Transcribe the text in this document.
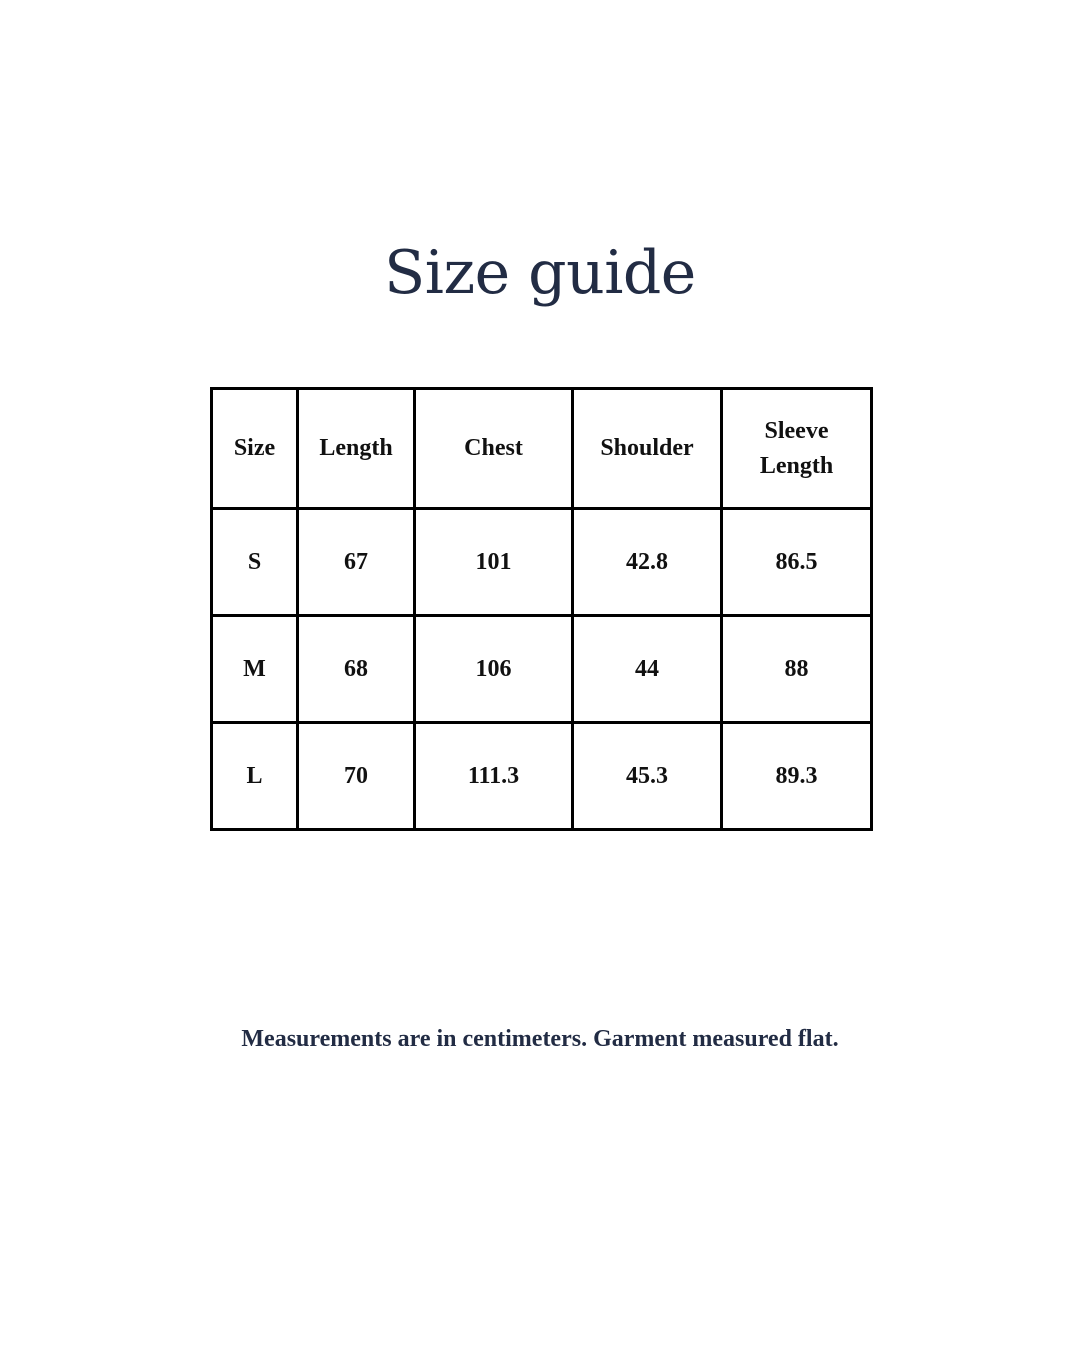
Size guide
Size	Length	Chest	Shoulder	Sleeve Length
S	67	101	42.8	86.5
M	68	106	44	88
L	70	111.3	45.3	89.3

Measurements are in centimeters. Garment measured flat.
